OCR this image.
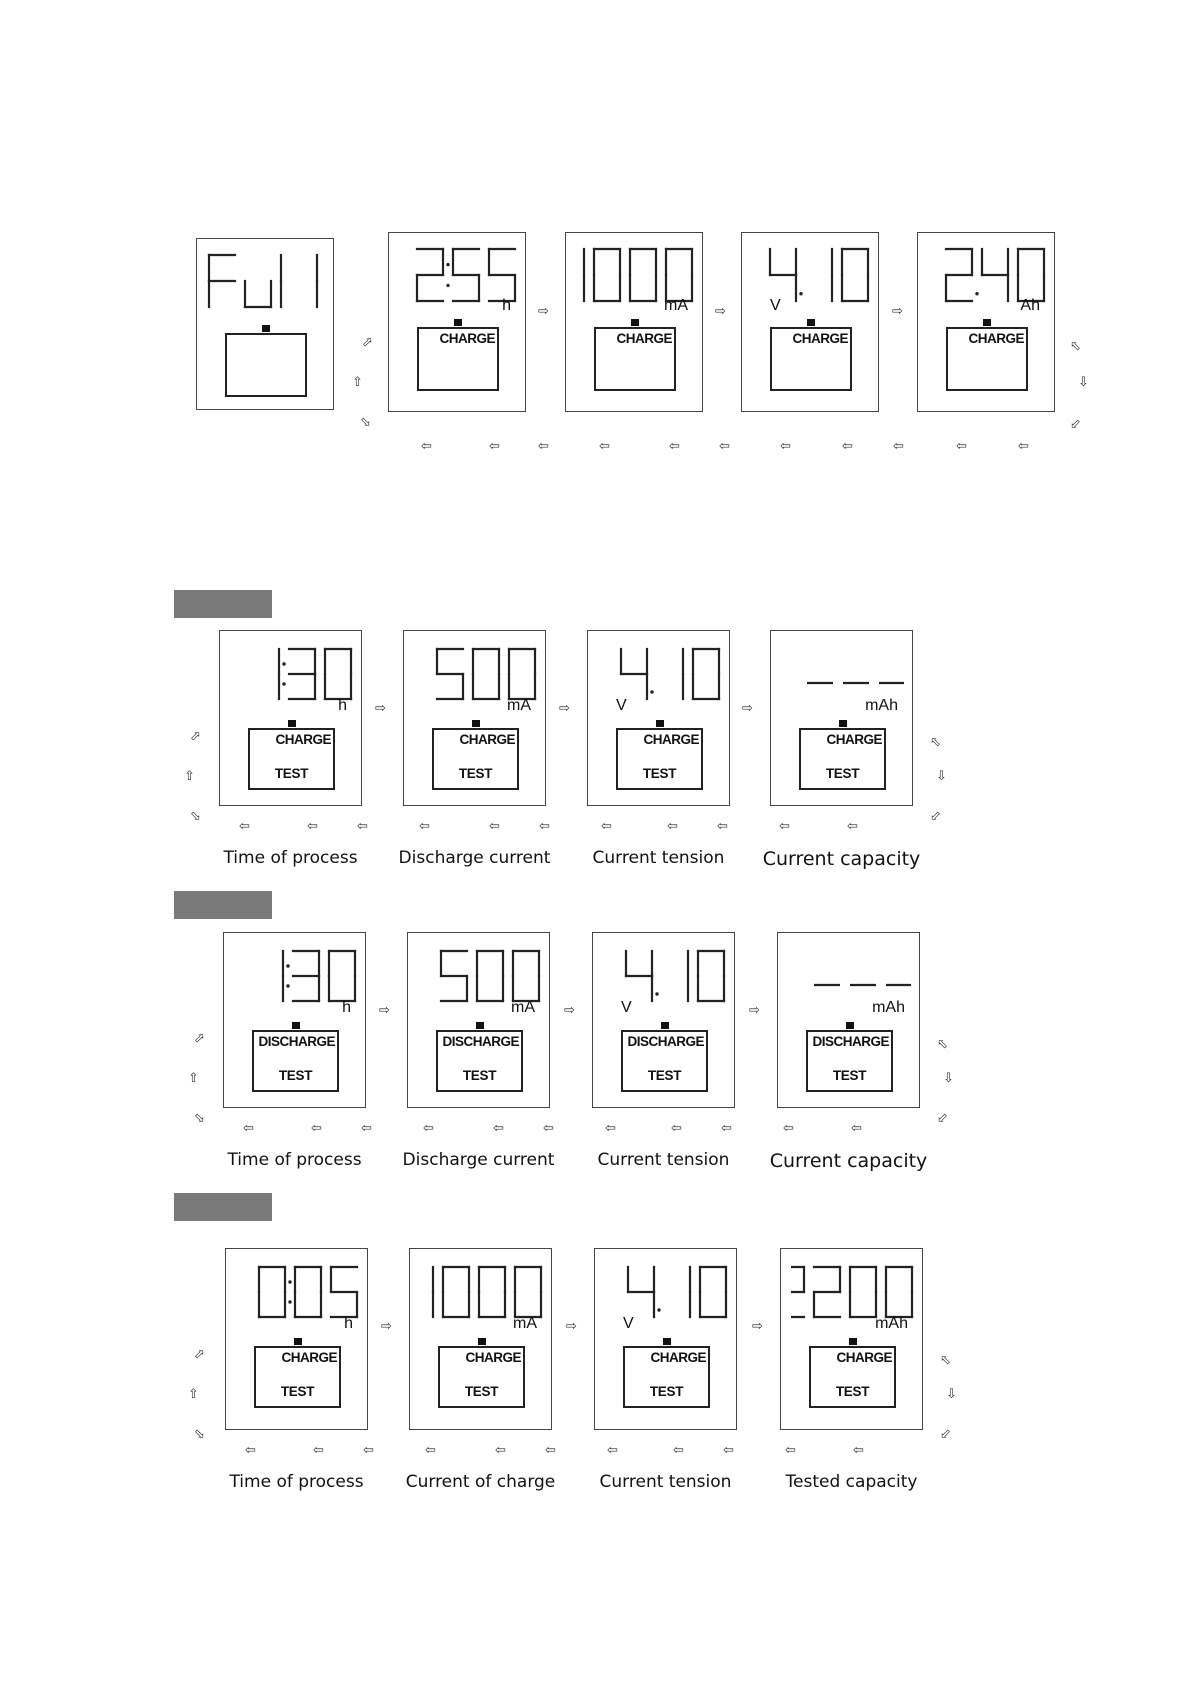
h
CHARGE
mA
CHARGE
V
CHARGE
Ah
CHARGE
⇨	⇨	⇨
⬀
⇧
⬂
⬁
⇩
⬃
⇦	⇦	⇦	⇦	⇦	⇦	⇦	⇦	⇦	⇦	⇦
h
CHARGE
TEST
mA
CHARGE
TEST
V
CHARGE
TEST
mAh
CHARGE
TEST
⇨	⇨	⇨
⬀
⇧
⬂
⬁
⇩
⬃
⇦	⇦	⇦	⇦	⇦	⇦	⇦	⇦	⇦	⇦	⇦
Time of process	Discharge current	Current tension	Current capacity
h
DISCHARGE
TEST
mA
DISCHARGE
TEST
V
DISCHARGE
TEST
mAh
DISCHARGE
TEST
⇨	⇨	⇨
⬀
⇧
⬂
⬁
⇩
⬃
⇦	⇦	⇦	⇦	⇦	⇦	⇦	⇦	⇦	⇦	⇦
Time of process	Discharge current	Current tension	Current capacity
h
CHARGE
TEST
mA
CHARGE
TEST
V
CHARGE
TEST
mAh
CHARGE
TEST
⇨	⇨	⇨
⬀
⇧
⬂
⬁
⇩
⬃
⇦	⇦	⇦	⇦	⇦	⇦	⇦	⇦	⇦	⇦	⇦
Time of process	Current of charge	Current tension	Tested capacity
